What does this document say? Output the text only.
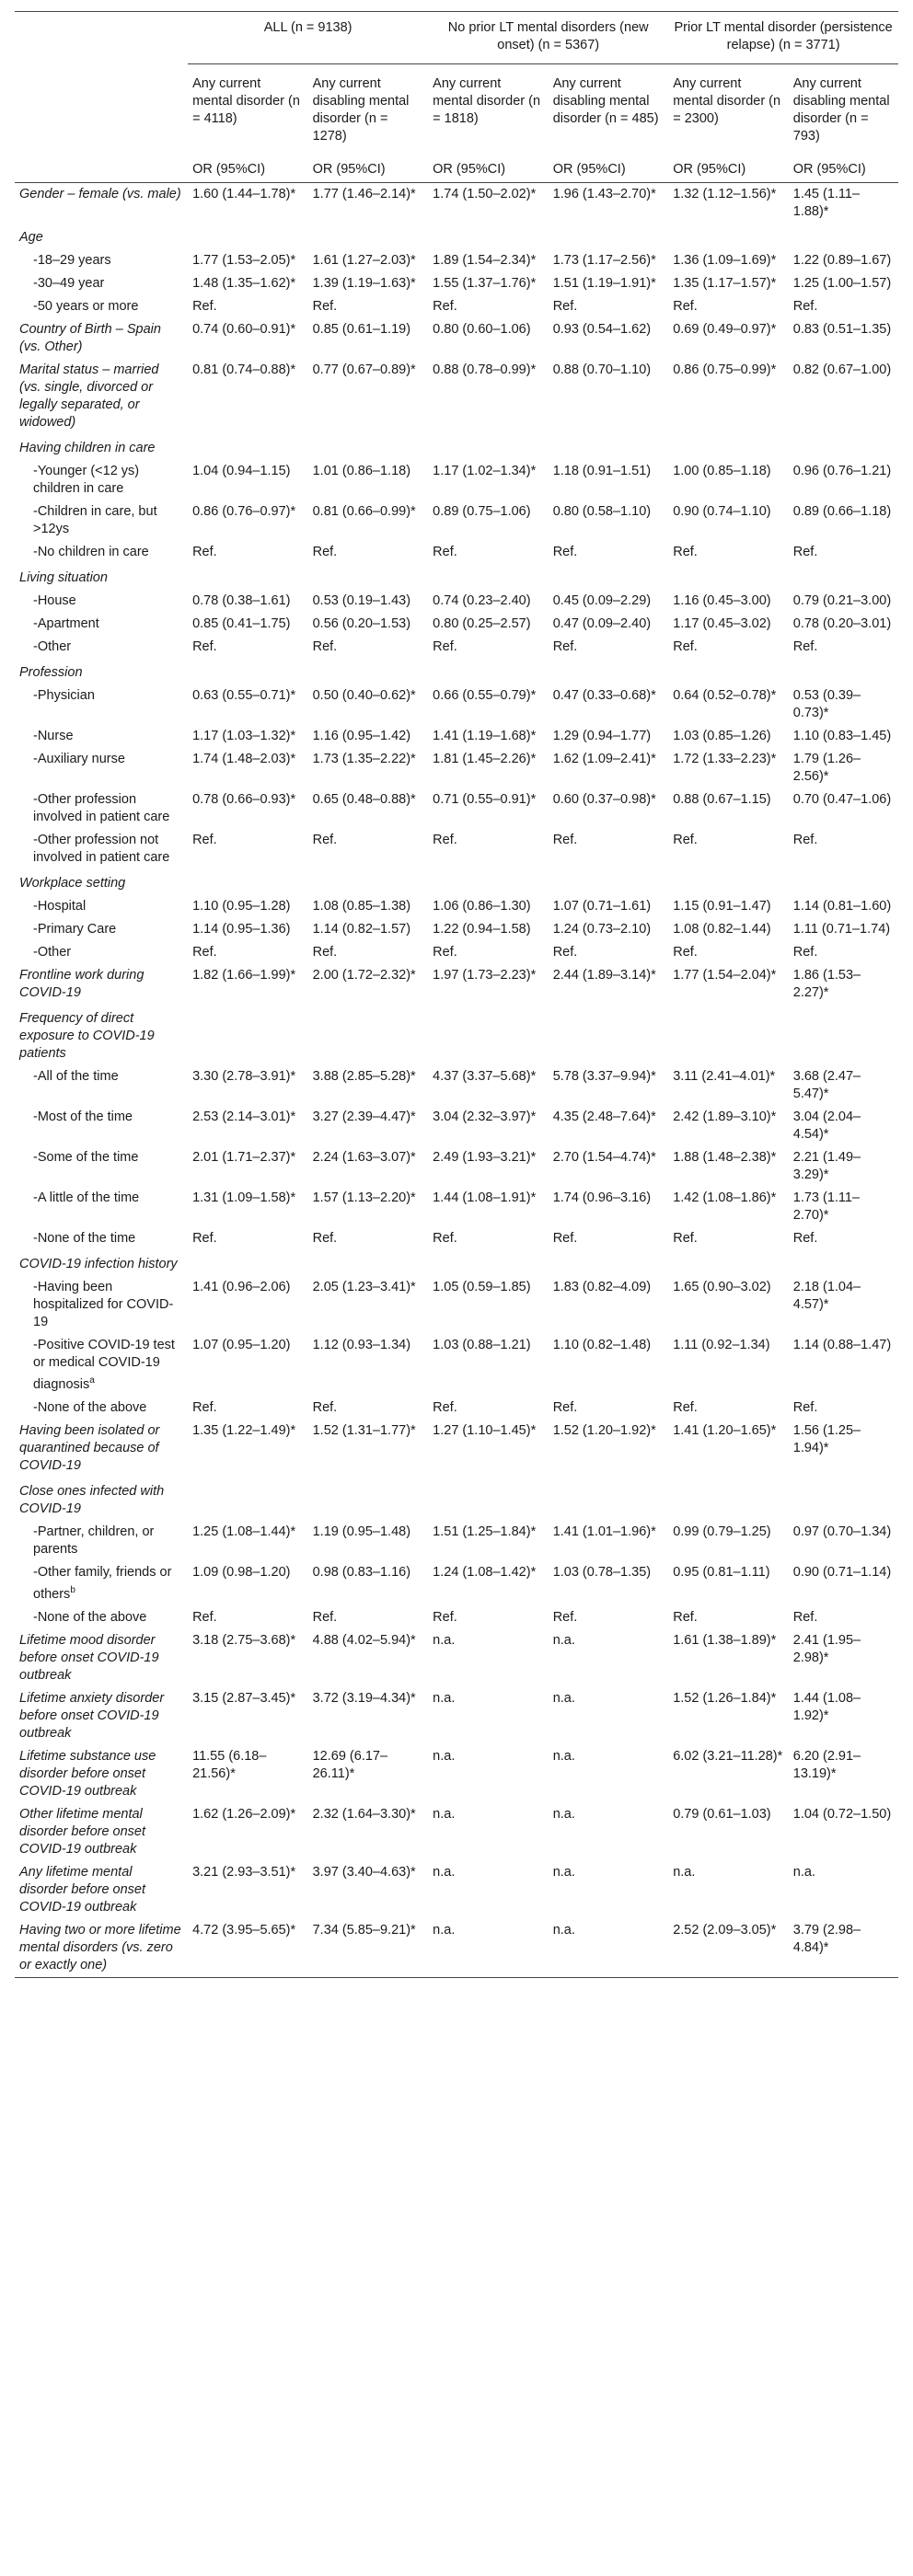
	ALL (n = 9138)		No prior LT mental disorders (new onset) (n = 5367)		Prior LT mental disorder (persistence relapse) (n = 3771)	
	Any current mental disorder (n = 4118)	Any current disabling mental disorder (n = 1278)	Any current mental disorder (n = 1818)	Any current disabling mental disorder (n = 485)	Any current mental disorder (n = 2300)	Any current disabling mental disorder (n = 793)
	OR (95%CI)	OR (95%CI)	OR (95%CI)	OR (95%CI)	OR (95%CI)	OR (95%CI)
Gender – female (vs. male)	1.60 (1.44–1.78)*	1.77 (1.46–2.14)*	1.74 (1.50–2.02)*	1.96 (1.43–2.70)*	1.32 (1.12–1.56)*	1.45 (1.11–1.88)*
Age						
-18–29 years	1.77 (1.53–2.05)*	1.61 (1.27–2.03)*	1.89 (1.54–2.34)*	1.73 (1.17–2.56)*	1.36 (1.09–1.69)*	1.22 (0.89–1.67)
-30–49 year	1.48 (1.35–1.62)*	1.39 (1.19–1.63)*	1.55 (1.37–1.76)*	1.51 (1.19–1.91)*	1.35 (1.17–1.57)*	1.25 (1.00–1.57)
-50 years or more	Ref.	Ref.	Ref.	Ref.	Ref.	Ref.
Country of Birth – Spain (vs. Other)	0.74 (0.60–0.91)*	0.85 (0.61–1.19)	0.80 (0.60–1.06)	0.93 (0.54–1.62)	0.69 (0.49–0.97)*	0.83 (0.51–1.35)
Marital status – married (vs. single, divorced or legally separated, or widowed)	0.81 (0.74–0.88)*	0.77 (0.67–0.89)*	0.88 (0.78–0.99)*	0.88 (0.70–1.10)	0.86 (0.75–0.99)*	0.82 (0.67–1.00)
Having children in care						
-Younger (<12 ys) children in care	1.04 (0.94–1.15)	1.01 (0.86–1.18)	1.17 (1.02–1.34)*	1.18 (0.91–1.51)	1.00 (0.85–1.18)	0.96 (0.76–1.21)
-Children in care, but >12ys	0.86 (0.76–0.97)*	0.81 (0.66–0.99)*	0.89 (0.75–1.06)	0.80 (0.58–1.10)	0.90 (0.74–1.10)	0.89 (0.66–1.18)
-No children in care	Ref.	Ref.	Ref.	Ref.	Ref.	Ref.
Living situation						
-House	0.78 (0.38–1.61)	0.53 (0.19–1.43)	0.74 (0.23–2.40)	0.45 (0.09–2.29)	1.16 (0.45–3.00)	0.79 (0.21–3.00)
-Apartment	0.85 (0.41–1.75)	0.56 (0.20–1.53)	0.80 (0.25–2.57)	0.47 (0.09–2.40)	1.17 (0.45–3.02)	0.78 (0.20–3.01)
-Other	Ref.	Ref.	Ref.	Ref.	Ref.	Ref.
Profession						
-Physician	0.63 (0.55–0.71)*	0.50 (0.40–0.62)*	0.66 (0.55–0.79)*	0.47 (0.33–0.68)*	0.64 (0.52–0.78)*	0.53 (0.39–0.73)*
-Nurse	1.17 (1.03–1.32)*	1.16 (0.95–1.42)	1.41 (1.19–1.68)*	1.29 (0.94–1.77)	1.03 (0.85–1.26)	1.10 (0.83–1.45)
-Auxiliary nurse	1.74 (1.48–2.03)*	1.73 (1.35–2.22)*	1.81 (1.45–2.26)*	1.62 (1.09–2.41)*	1.72 (1.33–2.23)*	1.79 (1.26–2.56)*
-Other profession involved in patient care	0.78 (0.66–0.93)*	0.65 (0.48–0.88)*	0.71 (0.55–0.91)*	0.60 (0.37–0.98)*	0.88 (0.67–1.15)	0.70 (0.47–1.06)
-Other profession not involved in patient care	Ref.	Ref.	Ref.	Ref.	Ref.	Ref.
Workplace setting						
-Hospital	1.10 (0.95–1.28)	1.08 (0.85–1.38)	1.06 (0.86–1.30)	1.07 (0.71–1.61)	1.15 (0.91–1.47)	1.14 (0.81–1.60)
-Primary Care	1.14 (0.95–1.36)	1.14 (0.82–1.57)	1.22 (0.94–1.58)	1.24 (0.73–2.10)	1.08 (0.82–1.44)	1.11 (0.71–1.74)
-Other	Ref.	Ref.	Ref.	Ref.	Ref.	Ref.
Frontline work during COVID-19	1.82 (1.66–1.99)*	2.00 (1.72–2.32)*	1.97 (1.73–2.23)*	2.44 (1.89–3.14)*	1.77 (1.54–2.04)*	1.86 (1.53–2.27)*
Frequency of direct exposure to COVID-19 patients						
-All of the time	3.30 (2.78–3.91)*	3.88 (2.85–5.28)*	4.37 (3.37–5.68)*	5.78 (3.37–9.94)*	3.11 (2.41–4.01)*	3.68 (2.47–5.47)*
-Most of the time	2.53 (2.14–3.01)*	3.27 (2.39–4.47)*	3.04 (2.32–3.97)*	4.35 (2.48–7.64)*	2.42 (1.89–3.10)*	3.04 (2.04–4.54)*
-Some of the time	2.01 (1.71–2.37)*	2.24 (1.63–3.07)*	2.49 (1.93–3.21)*	2.70 (1.54–4.74)*	1.88 (1.48–2.38)*	2.21 (1.49–3.29)*
-A little of the time	1.31 (1.09–1.58)*	1.57 (1.13–2.20)*	1.44 (1.08–1.91)*	1.74 (0.96–3.16)	1.42 (1.08–1.86)*	1.73 (1.11–2.70)*
-None of the time	Ref.	Ref.	Ref.	Ref.	Ref.	Ref.
COVID-19 infection history						
-Having been hospitalized for COVID-19	1.41 (0.96–2.06)	2.05 (1.23–3.41)*	1.05 (0.59–1.85)	1.83 (0.82–4.09)	1.65 (0.90–3.02)	2.18 (1.04–4.57)*
-Positive COVID-19 test or medical COVID-19 diagnosis$^a$	1.07 (0.95–1.20)	1.12 (0.93–1.34)	1.03 (0.88–1.21)	1.10 (0.82–1.48)	1.11 (0.92–1.34)	1.14 (0.88–1.47)
-None of the above	Ref.	Ref.	Ref.	Ref.	Ref.	Ref.
Having been isolated or quarantined because of COVID-19	1.35 (1.22–1.49)*	1.52 (1.31–1.77)*	1.27 (1.10–1.45)*	1.52 (1.20–1.92)*	1.41 (1.20–1.65)*	1.56 (1.25–1.94)*
Close ones infected with COVID-19						
-Partner, children, or parents	1.25 (1.08–1.44)*	1.19 (0.95–1.48)	1.51 (1.25–1.84)*	1.41 (1.01–1.96)*	0.99 (0.79–1.25)	0.97 (0.70–1.34)
-Other family, friends or others$^b$	1.09 (0.98–1.20)	0.98 (0.83–1.16)	1.24 (1.08–1.42)*	1.03 (0.78–1.35)	0.95 (0.81–1.11)	0.90 (0.71–1.14)
-None of the above	Ref.	Ref.	Ref.	Ref.	Ref.	Ref.
Lifetime mood disorder before onset COVID-19 outbreak	3.18 (2.75–3.68)*	4.88 (4.02–5.94)*	n.a.	n.a.	1.61 (1.38–1.89)*	2.41 (1.95–2.98)*
Lifetime anxiety disorder before onset COVID-19 outbreak	3.15 (2.87–3.45)*	3.72 (3.19–4.34)*	n.a.	n.a.	1.52 (1.26–1.84)*	1.44 (1.08–1.92)*
Lifetime substance use disorder before onset COVID-19 outbreak	11.55 (6.18–21.56)*	12.69 (6.17–26.11)*	n.a.	n.a.	6.02 (3.21–11.28)*	6.20 (2.91–13.19)*
Other lifetime mental disorder before onset COVID-19 outbreak	1.62 (1.26–2.09)*	2.32 (1.64–3.30)*	n.a.	n.a.	0.79 (0.61–1.03)	1.04 (0.72–1.50)
Any lifetime mental disorder before onset COVID-19 outbreak	3.21 (2.93–3.51)*	3.97 (3.40–4.63)*	n.a.	n.a.	n.a.	n.a.
Having two or more lifetime mental disorders (vs. zero or exactly one)	4.72 (3.95–5.65)*	7.34 (5.85–9.21)*	n.a.	n.a.	2.52 (2.09–3.05)*	3.79 (2.98–4.84)*
